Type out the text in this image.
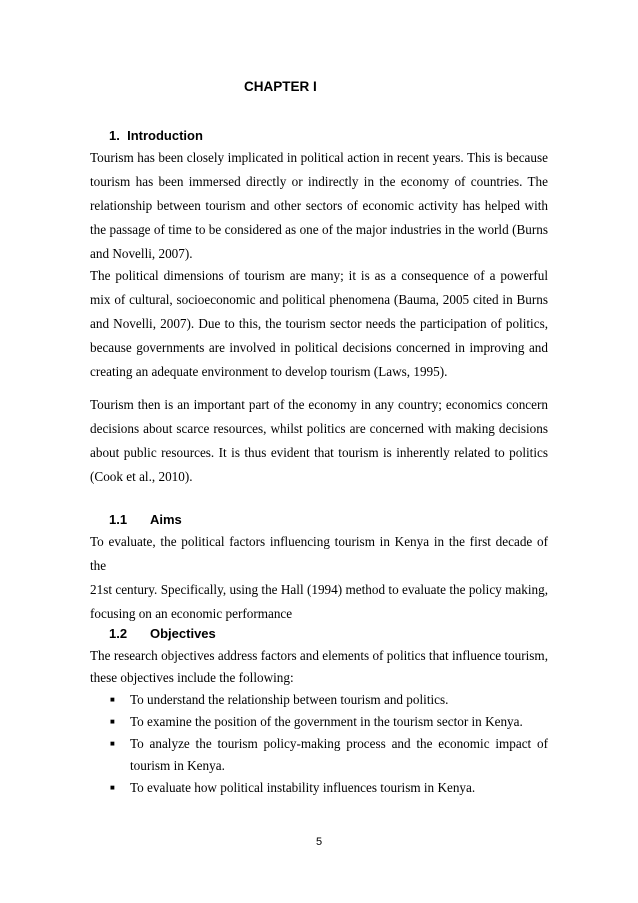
CHAPTER I
1. Introduction
Tourism has been closely implicated in political action in recent years. This is because tourism has been immersed directly or indirectly in the economy of countries. The relationship between tourism and other sectors of economic activity has helped with the passage of time to be considered as one of the major industries in the world (Burns and Novelli, 2007).
The political dimensions of tourism are many; it is as a consequence of a powerful mix of cultural, socioeconomic and political phenomena (Bauma, 2005 cited in Burns and Novelli, 2007). Due to this, the tourism sector needs the participation of politics, because governments are involved in political decisions concerned in improving and creating an adequate environment to develop tourism (Laws, 1995).
Tourism then is an important part of the economy in any country; economics concern decisions about scarce resources, whilst politics are concerned with making decisions about public resources. It is thus evident that tourism is inherently related to politics (Cook et al., 2010).
1.1 Aims
To evaluate, the political factors influencing tourism in Kenya in the first decade of the
21st century. Specifically, using the Hall (1994) method to evaluate the policy making,
focusing on an economic performance
1.2 Objectives
The research objectives address factors and elements of politics that influence tourism, these objectives include the following:

■ To understand the relationship between tourism and politics.

■ To examine the position of the government in the tourism sector in Kenya.

■ To analyze the tourism policy-making process and the economic impact of tourism in Kenya.

■ To evaluate how political instability influences tourism in Kenya.

5
